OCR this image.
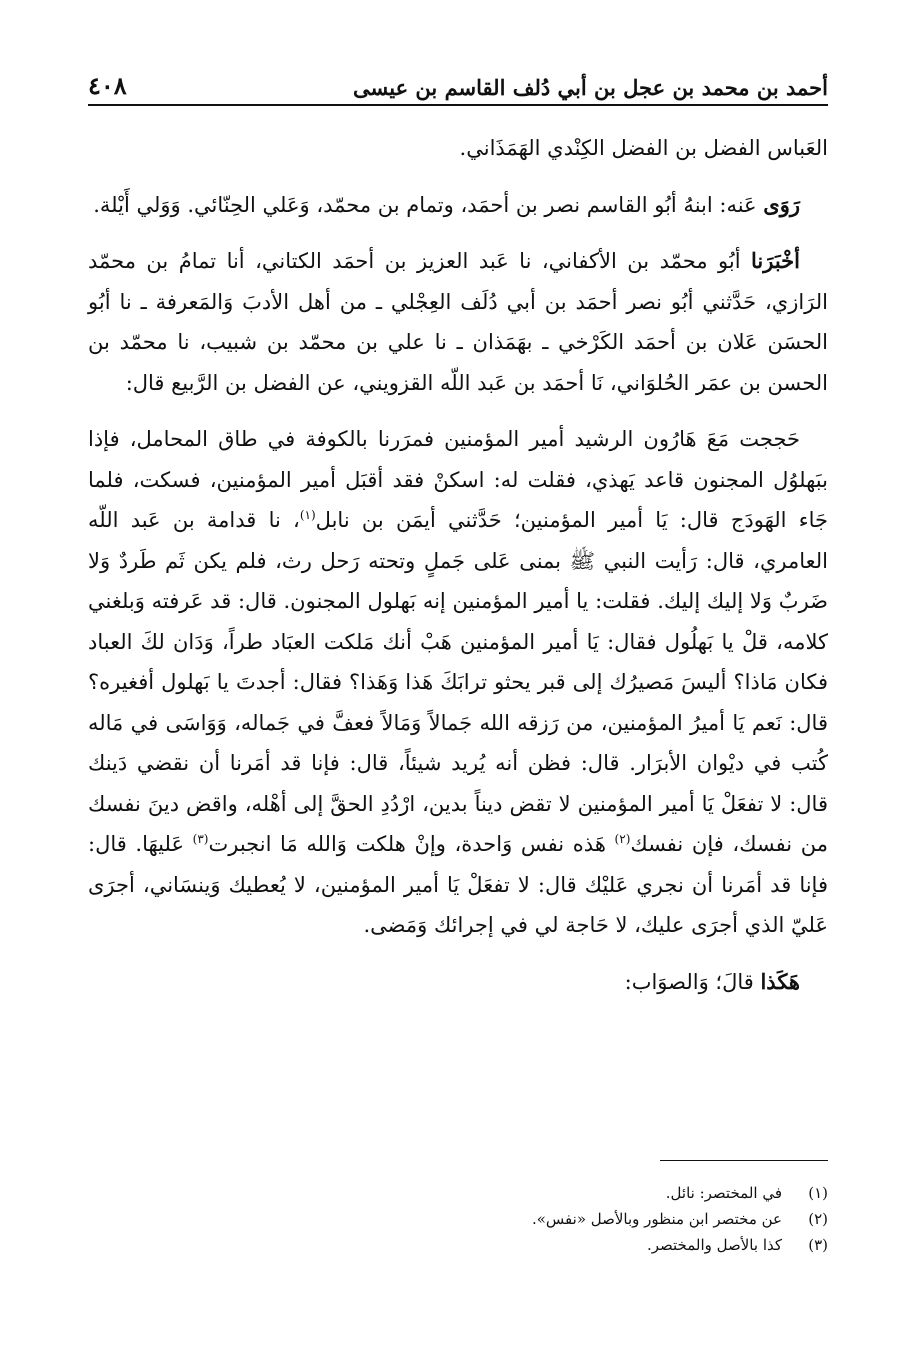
٤٠٨	أحمد بن محمد بن عجل بن أبي دُلف القاسم بن عيسى

العَباس الفضل بن الفضل الكِنْدي الهَمَذَاني.

رَوَى عَنه: ابنهُ أبُو القاسم نصر بن أحمَد، وتمام بن محمّد، وَعَلي الحِنّائي. وَوَلي أَيْلة.

أخْبَرَنا أبُو محمّد بن الأكفاني، نا عَبد العزيز بن أحمَد الكتاني، أنا تمامُ بن محمّد الرَازي، حَدَّثني أبُو نصر أحمَد بن أبي دُلَف العِجْلي ـ من أهل الأدبَ وَالمَعرفة ـ نا أبُو الحسَن عَلان بن أحمَد الكَرْخي ـ بهَمَذان ـ نا علي بن محمّد بن شبيب، نا محمّد بن الحسن بن عمَر الحُلوَاني، نَا أحمَد بن عَبد اللّه القزويني، عن الفضل بن الرَّبيع قال:

حَججت مَعَ هَارُون الرشيد أمير المؤمنين فمرَرنا بالكوفة في طاق المحامل، فإذا ببَهلوُل المجنون قاعد يَهذي، فقلت له: اسكنْ فقد أقبَل أمير المؤمنين، فسكت، فلما جَاء الهَودَج قال: يَا أمير المؤمنين؛ حَدَّثني أيمَن بن نابل$^{(١)}$، نا قدامة بن عَبد اللّه العامري، قال: رَأيت النبي ﷺ بمنى عَلى جَملٍ وتحته رَحل رث، فلم يكن ثَم طَردٌ وَلا ضَربٌ وَلا إليك إليك. فقلت: يا أمير المؤمنين إنه بَهلول المجنون. قال: قد عَرفته وَبلغني كلامه، قلْ يا بَهلُول فقال: يَا أمير المؤمنين هَبْ أنك مَلكت العبَاد طراً، وَدَان لكَ العباد فكان مَاذا؟ أليسَ مَصيرُك إلى قبر يحثو ترابَكَ هَذا وَهَذا؟ فقال: أجدتَ يا بَهلول أفغيره؟ قال: نَعم يَا أميرُ المؤمنين، من رَزقه الله جَمالاً وَمَالاً فعفَّ في جَماله، وَوَاسَى في مَاله كُتب في ديْوان الأبرَار. قال: فظن أنه يُريد شيئاً، قال: فإنا قد أمَرنا أن نقضي دَينك قال: لا تفعَلْ يَا أمير المؤمنين لا تقض ديناً بدين، ارْدُدِ الحقَّ إلى أهْله، واقض دينَ نفسك من نفسك، فإن نفسك$^{(٢)}$ هَذه نفس وَاحدة، وإنْ هلكت وَالله مَا انجبرت$^{(٣)}$ عَليهَا. قال: فإنا قد أمَرنا أن نجري عَليْك قال: لا تفعَلْ يَا أمير المؤمنين، لا يُعطيك وَينسَاني، أجرَى عَليّ الذي أجرَى عليك، لا حَاجة لي في إجرائك وَمَضى.

هَكَذا قالَ؛ وَالصوَاب:

(١)
في المختصر: نائل.
(٢)
عن مختصر ابن منظور وبالأصل «نفس».
(٣)
كذا بالأصل والمختصر.
